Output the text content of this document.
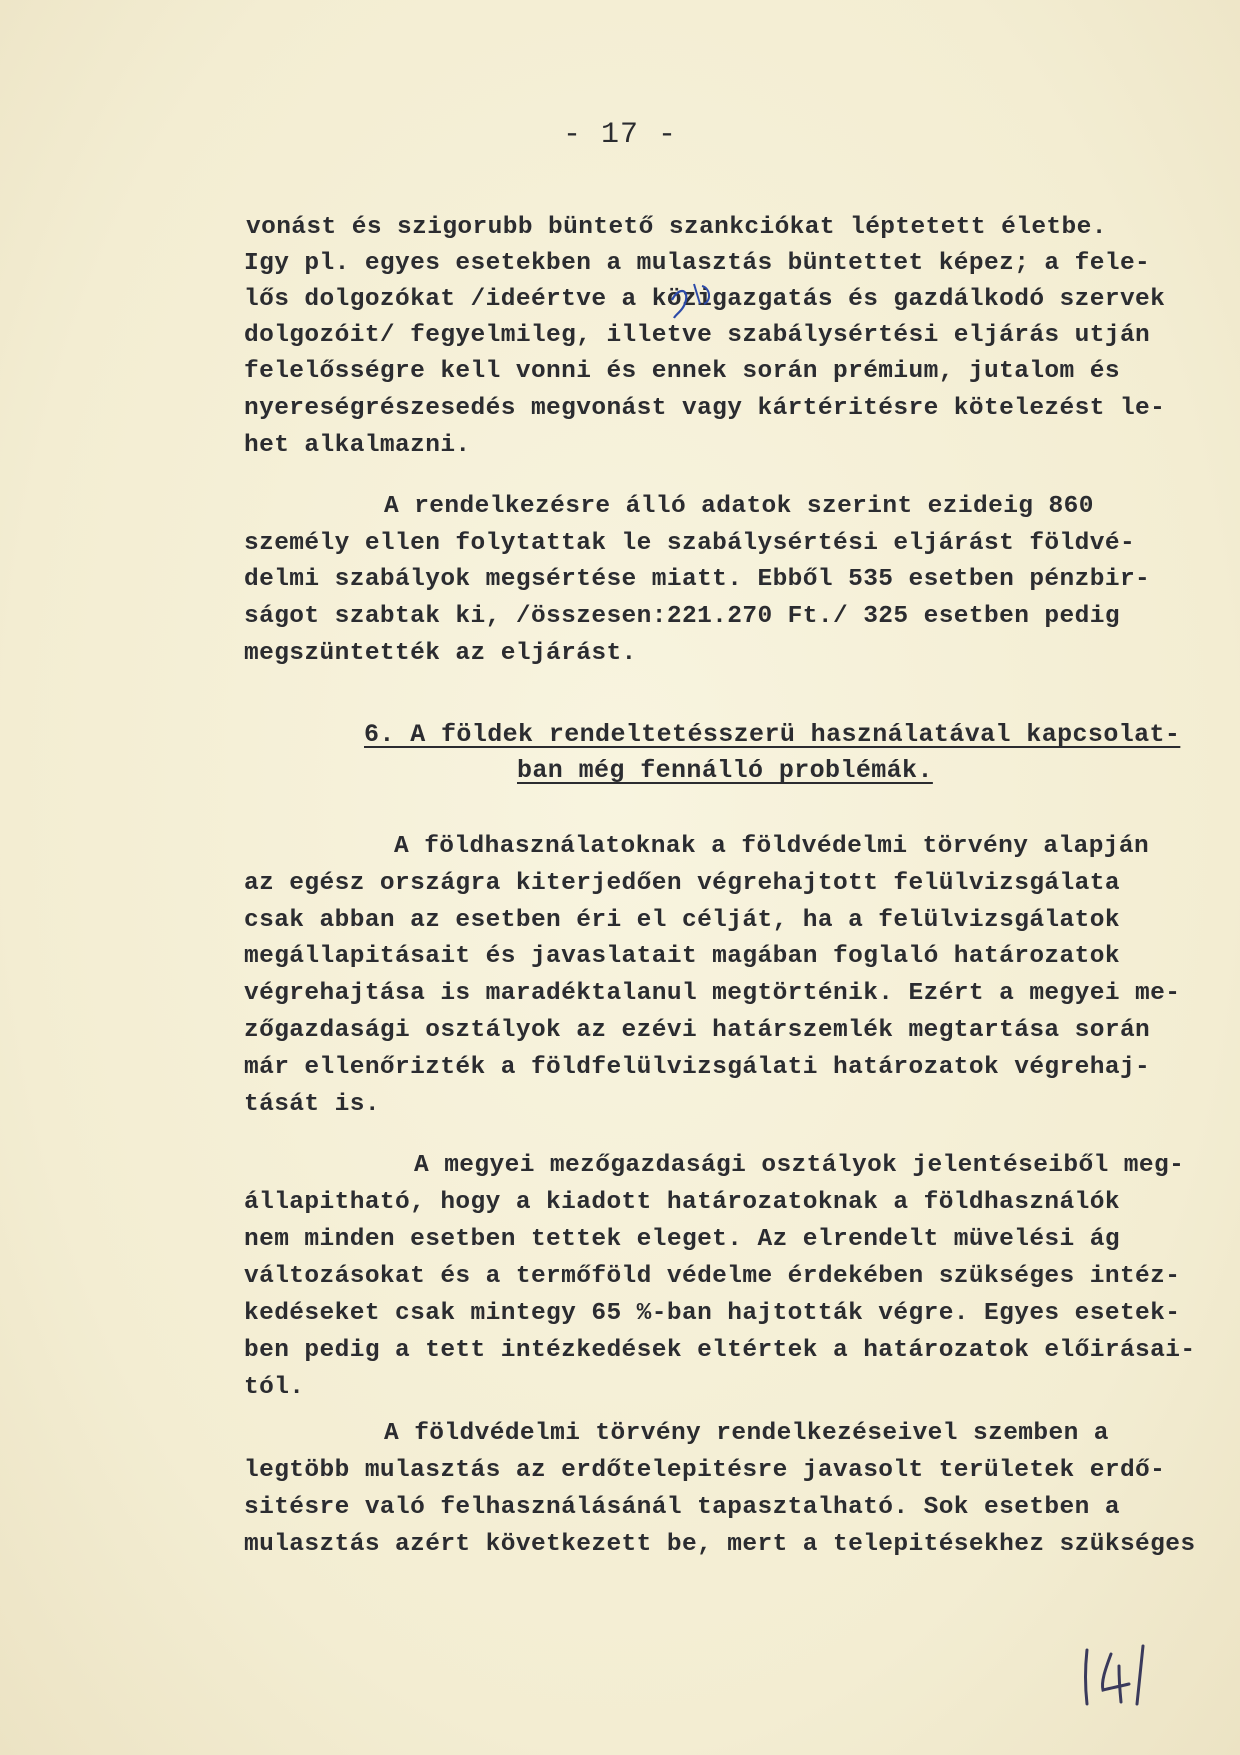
- 17 -
vonást és szigorubb büntető szankciókat léptetett életbe.
Igy pl. egyes esetekben a mulasztás büntettet képez; a fele-
lős dolgozókat /ideértve a közigazgatás és gazdálkodó szervek
dolgozóit/ fegyelmileg, illetve szabálysértési eljárás utján
felelősségre kell vonni és ennek során prémium, jutalom és
nyereségrészesedés megvonást vagy kártéritésre kötelezést le-
het alkalmazni.
A rendelkezésre álló adatok szerint ezideig 860
személy ellen folytattak le szabálysértési eljárást földvé-
delmi szabályok megsértése miatt. Ebből 535 esetben pénzbir-
ságot szabtak ki, /összesen:221.270 Ft./ 325 esetben pedig
megszüntették az eljárást.
6. A földek rendeltetésszerü használatával kapcsolat-
ban még fennálló problémák.
A földhasználatoknak a földvédelmi törvény alapján
az egész országra kiterjedően végrehajtott felülvizsgálata
csak abban az esetben éri el célját, ha a felülvizsgálatok
megállapitásait és javaslatait magában foglaló határozatok
végrehajtása is maradéktalanul megtörténik. Ezért a megyei me-
zőgazdasági osztályok az ezévi határszemlék megtartása során
már ellenőrizték a földfelülvizsgálati határozatok végrehaj-
tását is.
A megyei mezőgazdasági osztályok jelentéseiből meg-
állapitható, hogy a kiadott határozatoknak a földhasználók
nem minden esetben tettek eleget. Az elrendelt müvelési ág
változásokat és a termőföld védelme érdekében szükséges intéz-
kedéseket csak mintegy 65 %-ban hajtották végre. Egyes esetek-
ben pedig a tett intézkedések eltértek a határozatok előirásai-
tól.
A földvédelmi törvény rendelkezéseivel szemben a
legtöbb mulasztás az erdőtelepitésre javasolt területek erdő-
sitésre való felhasználásánál tapasztalható. Sok esetben a
mulasztás azért következett be, mert a telepitésekhez szükséges
